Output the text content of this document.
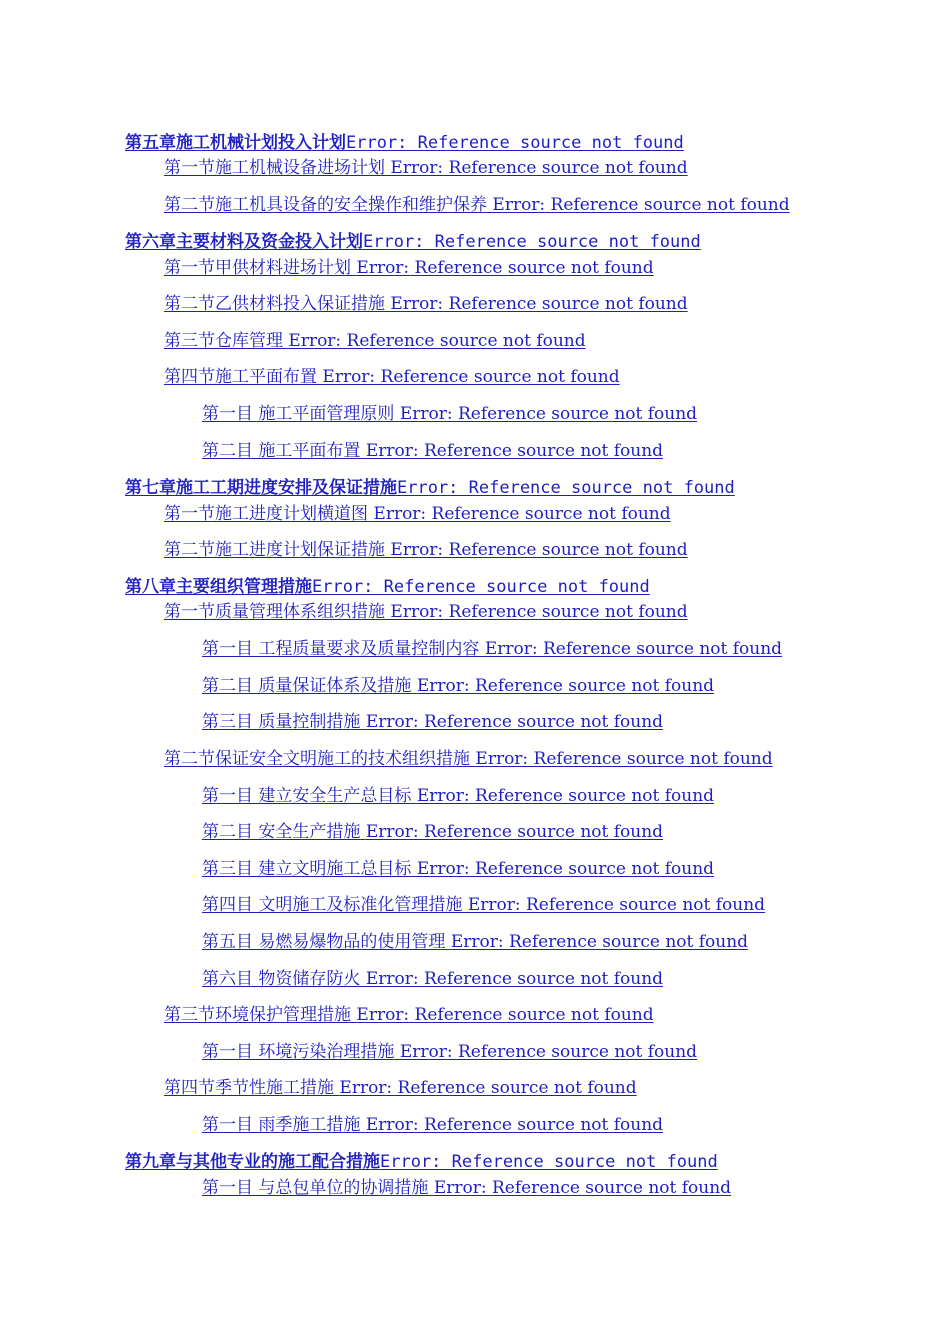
第五章施工机械计划投入计划Error: Reference source not found
第一节施工机械设备进场计划 Error: Reference source not found
第二节施工机具设备的安全操作和维护保养 Error: Reference source not found
第六章主要材料及资金投入计划Error: Reference source not found
第一节甲供材料进场计划 Error: Reference source not found
第二节乙供材料投入保证措施 Error: Reference source not found
第三节仓库管理 Error: Reference source not found
第四节施工平面布置 Error: Reference source not found
第一目 施工平面管理原则 Error: Reference source not found
第二目 施工平面布置 Error: Reference source not found
第七章施工工期进度安排及保证措施Error: Reference source not found
第一节施工进度计划横道图 Error: Reference source not found
第二节施工进度计划保证措施 Error: Reference source not found
第八章主要组织管理措施Error: Reference source not found
第一节质量管理体系组织措施 Error: Reference source not found
第一目 工程质量要求及质量控制内容 Error: Reference source not found
第二目 质量保证体系及措施 Error: Reference source not found
第三目 质量控制措施 Error: Reference source not found
第二节保证安全文明施工的技术组织措施 Error: Reference source not found
第一目 建立安全生产总目标 Error: Reference source not found
第二目 安全生产措施 Error: Reference source not found
第三目 建立文明施工总目标 Error: Reference source not found
第四目 文明施工及标准化管理措施 Error: Reference source not found
第五目 易燃易爆物品的使用管理 Error: Reference source not found
第六目 物资储存防火 Error: Reference source not found
第三节环境保护管理措施 Error: Reference source not found
第一目 环境污染治理措施 Error: Reference source not found
第四节季节性施工措施 Error: Reference source not found
第一目 雨季施工措施 Error: Reference source not found
第九章与其他专业的施工配合措施Error: Reference source not found
第一目 与总包单位的协调措施 Error: Reference source not found
